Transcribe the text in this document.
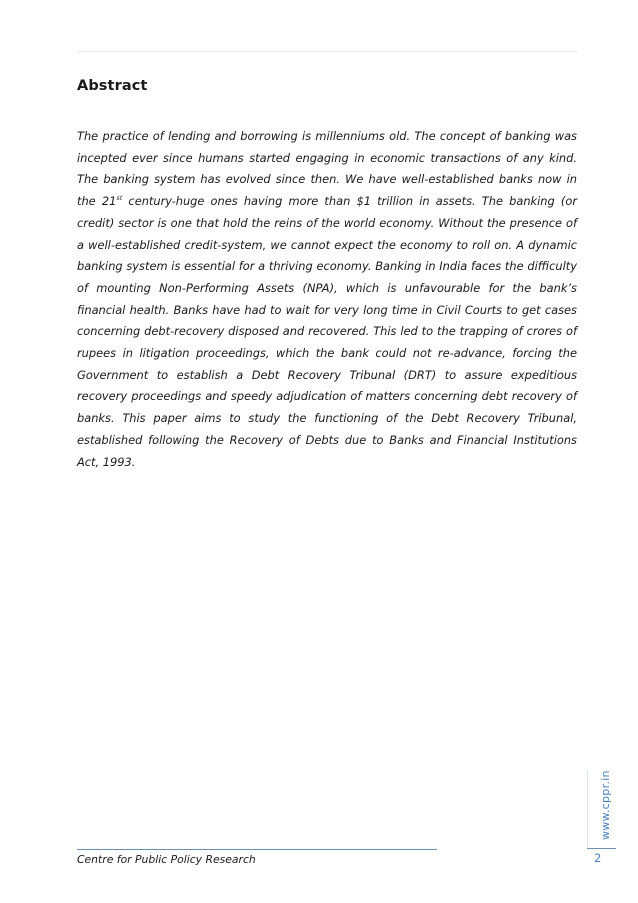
Abstract

The practice of lending and borrowing is millenniums old. The concept of banking was incepted ever since humans started engaging in economic transactions of any kind. The banking system has evolved since then. We have well-established banks now in the 21st century-huge ones having more than $1 trillion in assets. The banking (or credit) sector is one that hold the reins of the world economy. Without the presence of a well-established credit-system, we cannot expect the economy to roll on. A dynamic banking system is essential for a thriving economy. Banking in India faces the difficulty of mounting Non-Performing Assets (NPA), which is unfavourable for the bank’s financial health. Banks have had to wait for very long time in Civil Courts to get cases concerning debt-recovery disposed and recovered. This led to the trapping of crores of rupees in litigation proceedings, which the bank could not re-advance, forcing the Government to establish a Debt Recovery Tribunal (DRT) to assure expeditious recovery proceedings and speedy adjudication of matters concerning debt recovery of banks. This paper aims to study the functioning of the Debt Recovery Tribunal, established following the Recovery of Debts due to Banks and Financial Institutions Act, 1993.

www.cppr.in
2
Centre for Public Policy Research
